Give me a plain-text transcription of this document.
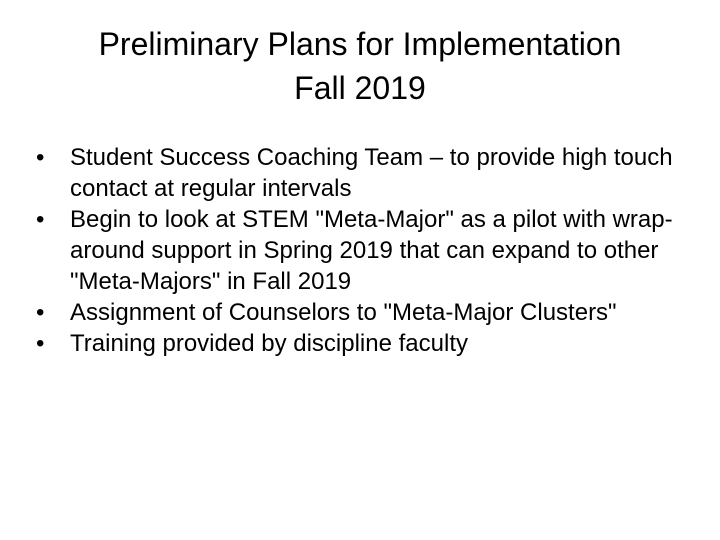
Preliminary Plans for Implementation
Fall 2019
•	Student Success Coaching Team – to provide high touch contact at regular intervals
•	Begin to look at STEM "Meta-Major" as a pilot with wrap-around support in Spring 2019 that can expand to other "Meta-Majors" in Fall 2019
•	Assignment of Counselors to "Meta-Major Clusters"
•	Training provided by discipline faculty
